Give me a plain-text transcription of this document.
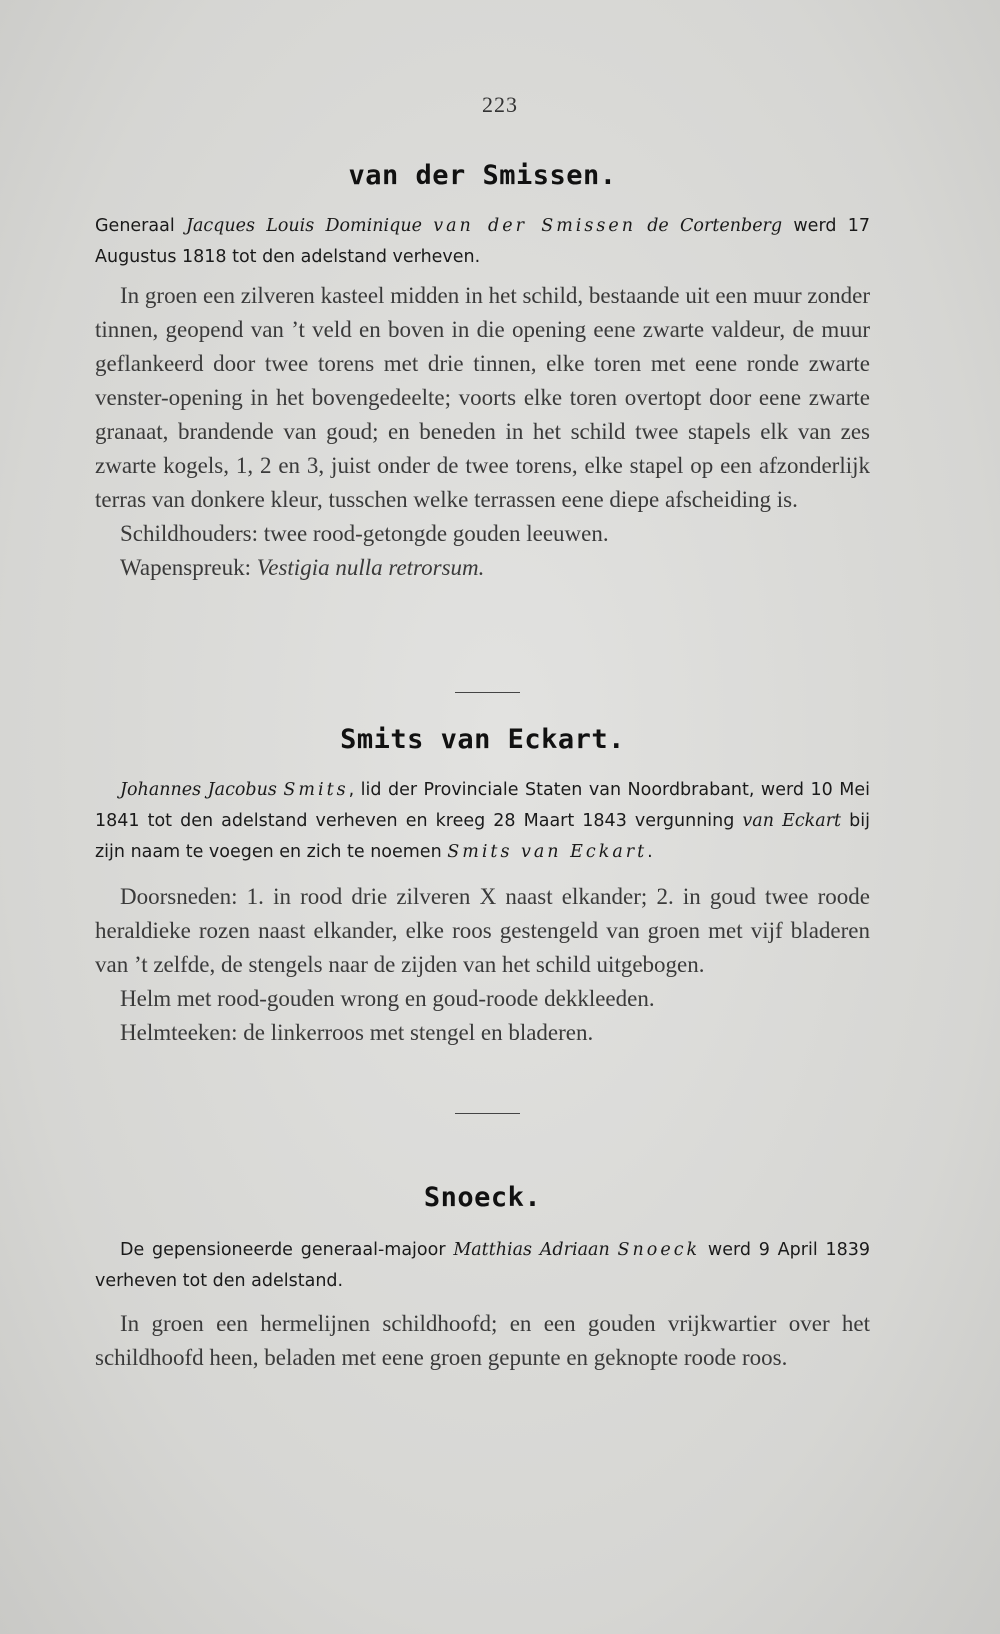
223
van der Smissen.

Generaal Jacques Louis Dominique van der Smissen de Cortenberg werd 17 Augustus 1818 tot den adelstand verheven.

In groen een zilveren kasteel midden in het schild, bestaande uit een muur zonder tinnen, geopend van ’t veld en boven in die opening eene zwarte valdeur, de muur geflankeerd door twee torens met drie tinnen, elke toren met eene ronde zwarte venster-opening in het bovengedeelte; voorts elke toren overtopt door eene zwarte granaat, brandende van goud; en beneden in het schild twee stapels elk van zes zwarte kogels, 1, 2 en 3, juist onder de twee torens, elke stapel op een afzonderlijk terras van donkere kleur, tusschen welke terrassen eene diepe afscheiding is.

Schildhouders: twee rood-getongde gouden leeuwen.

Wapenspreuk: Vestigia nulla retrorsum.

Smits van Eckart.

Johannes Jacobus Smits, lid der Provinciale Staten van Noordbrabant, werd 10 Mei 1841 tot den adelstand verheven en kreeg 28 Maart 1843 vergunning van Eckart bij zijn naam te voegen en zich te noemen Smits van Eckart.

Doorsneden: 1. in rood drie zilveren X naast elkander; 2. in goud twee roode heraldieke rozen naast elkander, elke roos gestengeld van groen met vijf bladeren van ’t zelfde, de stengels naar de zijden van het schild uitgebogen.

Helm met rood-gouden wrong en goud-roode dekkleeden.

Helmteeken: de linkerroos met stengel en bladeren.

Snoeck.

De gepensioneerde generaal-majoor Matthias Adriaan Snoeck werd 9 April 1839 verheven tot den adelstand.

In groen een hermelijnen schildhoofd; en een gouden vrijkwartier over het schildhoofd heen, beladen met eene groen gepunte en geknopte roode roos.
